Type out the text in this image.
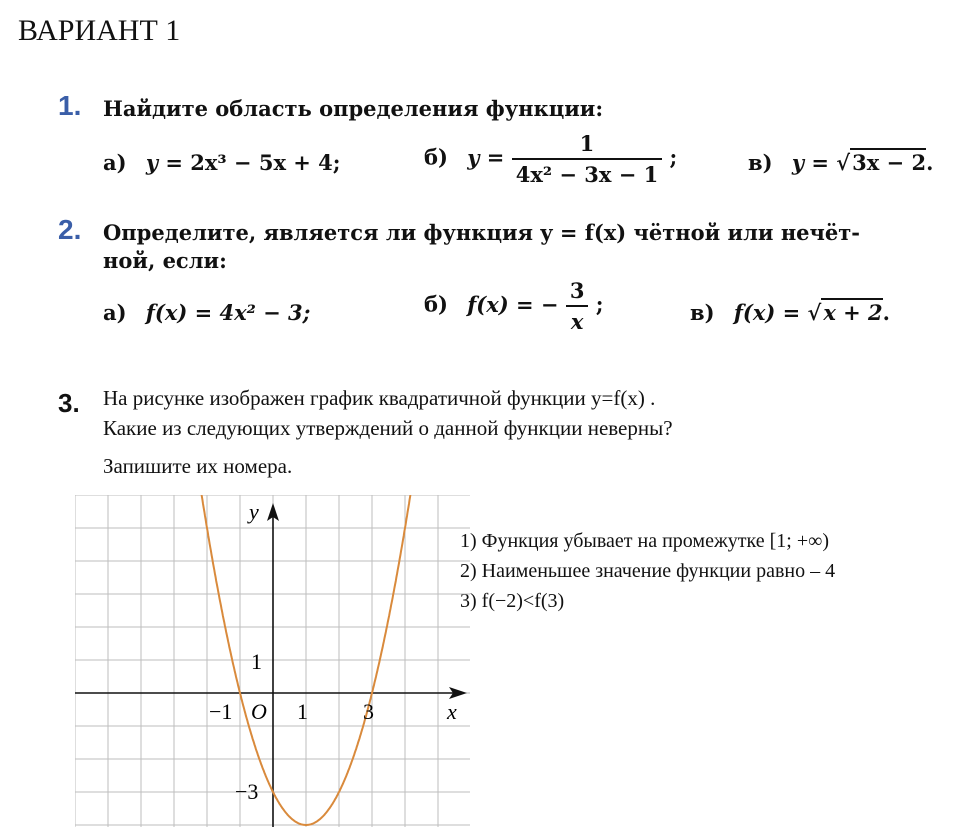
ВАРИАНТ 1
1. Найдите область определения функции:
а) y = 2x³ − 5x + 4;	б) $y = \frac{1}{\text{4x² − 3x − 1}}$ ;	в) y = √3x − 2.
2. Определите, является ли функция y = f(x) чётной или нечёт-
ной, если:
а) f(x) = 4x² − 3;	б) f(x) = − $\frac{3}{x}$ ;	в) f(x) = √x + 2.
3. На рисунке изображен график квадратичной функции y=f(x) .
Какие из следующих утверждений о данной функции неверны?
Запишите их номера.
1) Функция убывает на промежутке [1; +∞)
2) Наименьшее значение функции равно – 4
3) f(−2)<f(3)
y
x
O
1
−1	1	3
−3
